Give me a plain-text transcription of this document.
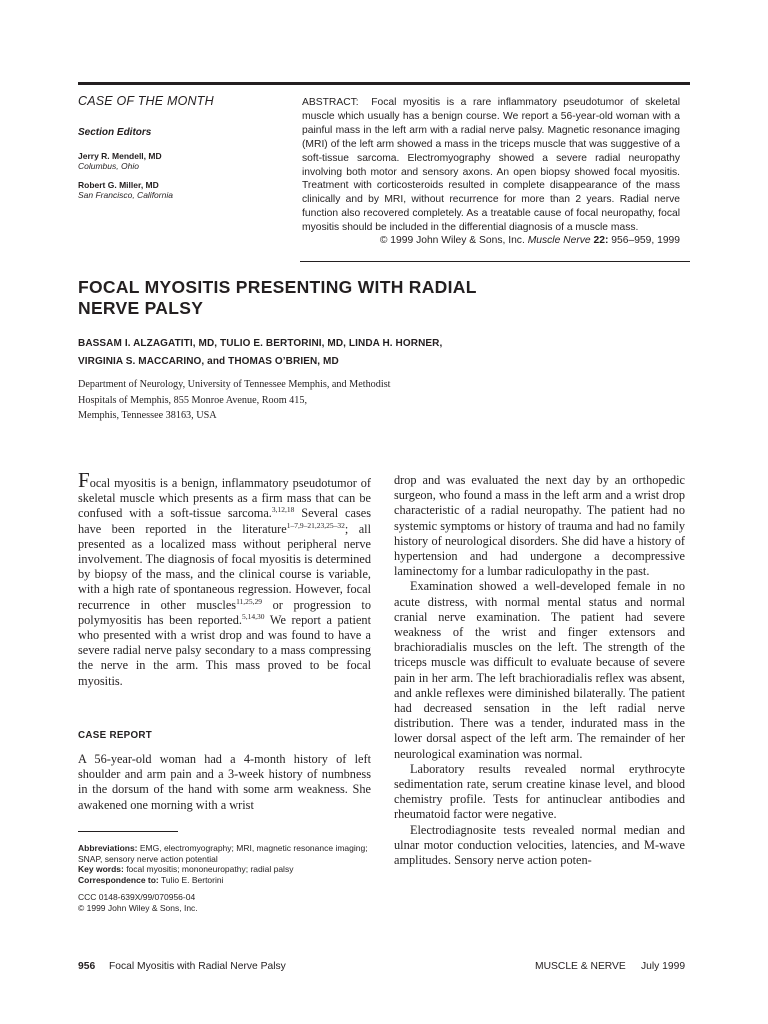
CASE OF THE MONTH
Section Editors
Jerry R. Mendell, MD
Columbus, Ohio
Robert G. Miller, MD
San Francisco, California
ABSTRACT: Focal myositis is a rare inflammatory pseudotumor of skeletal muscle which usually has a benign course. We report a 56-year-old woman with a painful mass in the left arm with a radial nerve palsy. Magnetic resonance imaging (MRI) of the left arm showed a mass in the triceps muscle that was suggestive of a soft-tissue sarcoma. Electromyography showed a severe radial neuropathy involving both motor and sensory axons. An open biopsy showed focal myositis. Treatment with corticosteroids resulted in complete disappearance of the mass clinically and by MRI, without recurrence for more than 2 years. Radial nerve function also recovered completely. As a treatable cause of focal neuropathy, focal myositis should be included in the differential diagnosis of a muscle mass.
© 1999 John Wiley & Sons, Inc. Muscle Nerve 22: 956–959, 1999
FOCAL MYOSITIS PRESENTING WITH RADIAL
NERVE PALSY
BASSAM I. ALZAGATITI, MD, TULIO E. BERTORINI, MD, LINDA H. HORNER,
VIRGINIA S. MACCARINO, and THOMAS O’BRIEN, MD
Department of Neurology, University of Tennessee Memphis, and Methodist
Hospitals of Memphis, 855 Monroe Avenue, Room 415,
Memphis, Tennessee 38163, USA

Focal myositis is a benign, inflammatory pseudotumor of skeletal muscle which presents as a firm mass that can be confused with a soft-tissue sarcoma.$^{3,12,18}$ Several cases have been reported in the literature$^{1-7,9-21,23,25-32}$; all presented as a localized mass without peripheral nerve involvement. The diagnosis of focal myositis is determined by biopsy of the mass, and the clinical course is variable, with a high rate of spontaneous regression. However, focal recurrence in other muscles$^{11,25,29}$ or progression to polymyositis has been reported.$^{5,14,30}$ We report a patient who presented with a wrist drop and was found to have a severe radial nerve palsy secondary to a mass compressing the nerve in the arm. This mass proved to be focal myositis.

CASE REPORT

A 56-year-old woman had a 4-month history of left shoulder and arm pain and a 3-week history of numbness in the dorsum of the hand with some arm weakness. She awakened one morning with a wrist

Abbreviations: EMG, electromyography; MRI, magnetic resonance imaging; SNAP, sensory nerve action potential
Key words: focal myositis; mononeuropathy; radial palsy
Correspondence to: Tulio E. Bertorini
CCC 0148-639X/99/070956-04
© 1999 John Wiley & Sons, Inc.

drop and was evaluated the next day by an orthopedic surgeon, who found a mass in the left arm and a wrist drop characteristic of a radial neuropathy. The patient had no systemic symptoms or history of trauma and had no family history of neurological disorders. She did have a history of hypertension and had undergone a decompressive laminectomy for a lumbar radiculopathy in the past.

Examination showed a well-developed female in no acute distress, with normal mental status and normal cranial nerve examination. The patient had severe weakness of the wrist and finger extensors and brachioradialis muscles on the left. The strength of the triceps muscle was difficult to evaluate because of severe pain in her arm. The left brachioradialis reflex was absent, and ankle reflexes were diminished bilaterally. The patient had decreased sensation in the left radial nerve distribution. There was a tender, indurated mass in the lower dorsal aspect of the left arm. The remainder of her neurological examination was normal.

Laboratory results revealed normal erythrocyte sedimentation rate, serum creatine kinase level, and blood chemistry profile. Tests for antinuclear antibodies and rheumatoid factor were negative.

Electrodiagnosite tests revealed normal median and ulnar motor conduction velocities, latencies, and M-wave amplitudes. Sensory nerve action poten-

956 Focal Myositis with Radial Nerve Palsy	MUSCLE & NERVE July 1999
